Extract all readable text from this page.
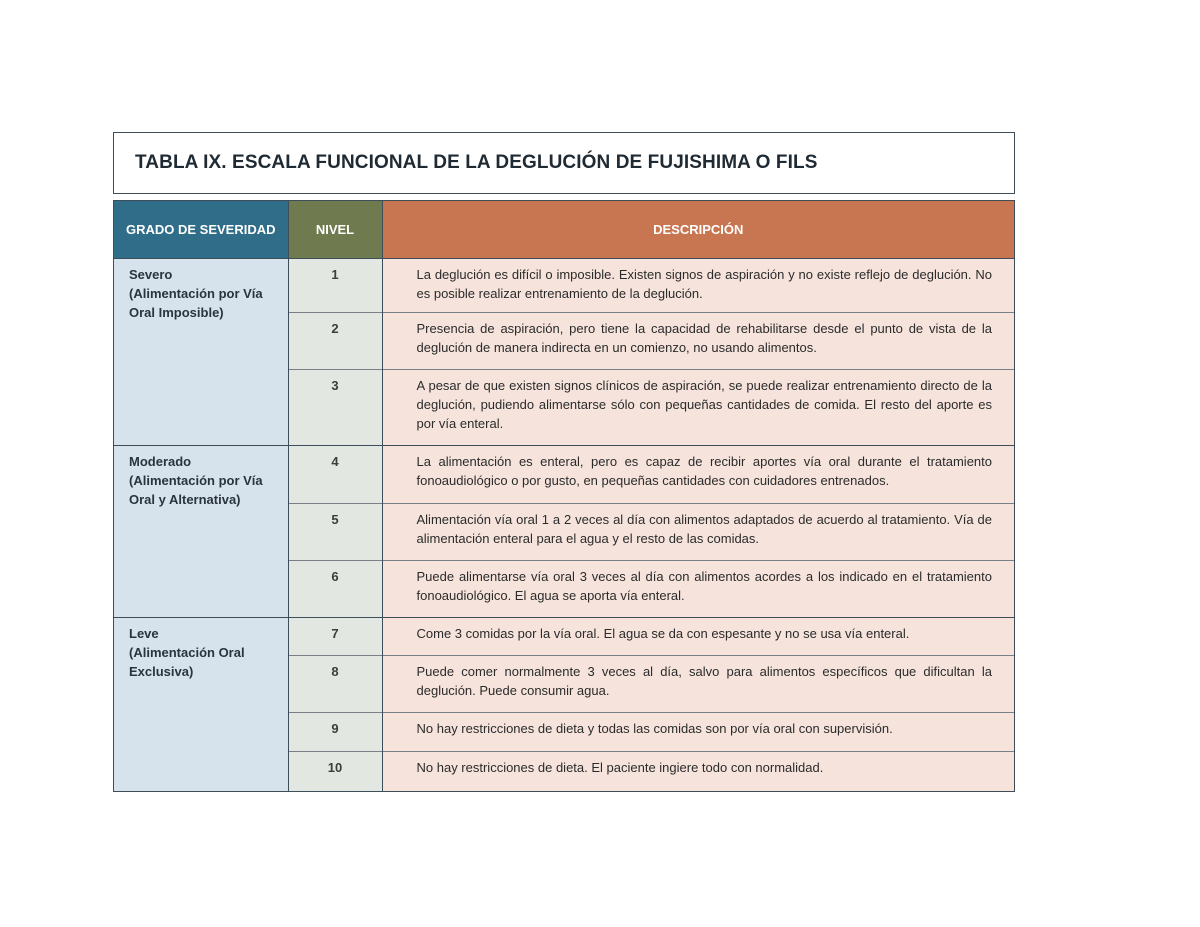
TABLA IX. ESCALA FUNCIONAL DE LA DEGLUCIÓN DE FUJISHIMA O FILS
GRADO DE SEVERIDAD	NIVEL	DESCRIPCIÓN

Severo
(Alimentación por Vía Oral Imposible)	1	La deglución es difícil o imposible. Existen signos de aspiración y no existe reflejo de deglución. No es posible realizar entrenamiento de la deglución.
	2	Presencia de aspiración, pero tiene la capacidad de rehabilitarse desde el punto de vista de la deglución de manera indirecta en un comienzo, no usando alimentos.
	3	A pesar de que existen signos clínicos de aspiración, se puede realizar entrenamiento directo de la deglución, pudiendo alimentarse sólo con pequeñas cantidades de comida. El resto del aporte es por vía enteral.

Moderado
(Alimentación por Vía Oral y Alternativa)	4	La alimentación es enteral, pero es capaz de recibir aportes vía oral durante el tratamiento fonoaudiológico o por gusto, en pequeñas cantidades con cuidadores entrenados.
	5	Alimentación vía oral 1 a 2 veces al día con alimentos adaptados de acuerdo al tratamiento. Vía de alimentación enteral para el agua y el resto de las comidas.
	6	Puede alimentarse vía oral 3 veces al día con alimentos acordes a los indicado en el tratamiento fonoaudiológico. El agua se aporta vía enteral.

Leve
(Alimentación Oral Exclusiva)	7	Come 3 comidas por la vía oral. El agua se da con espesante y no se usa vía enteral.
	8	Puede comer normalmente 3 veces al día, salvo para alimentos específicos que dificultan la deglución. Puede consumir agua.
	9	No hay restricciones de dieta y todas las comidas son por vía oral con supervisión.
	10	No hay restricciones de dieta. El paciente ingiere todo con normalidad.
